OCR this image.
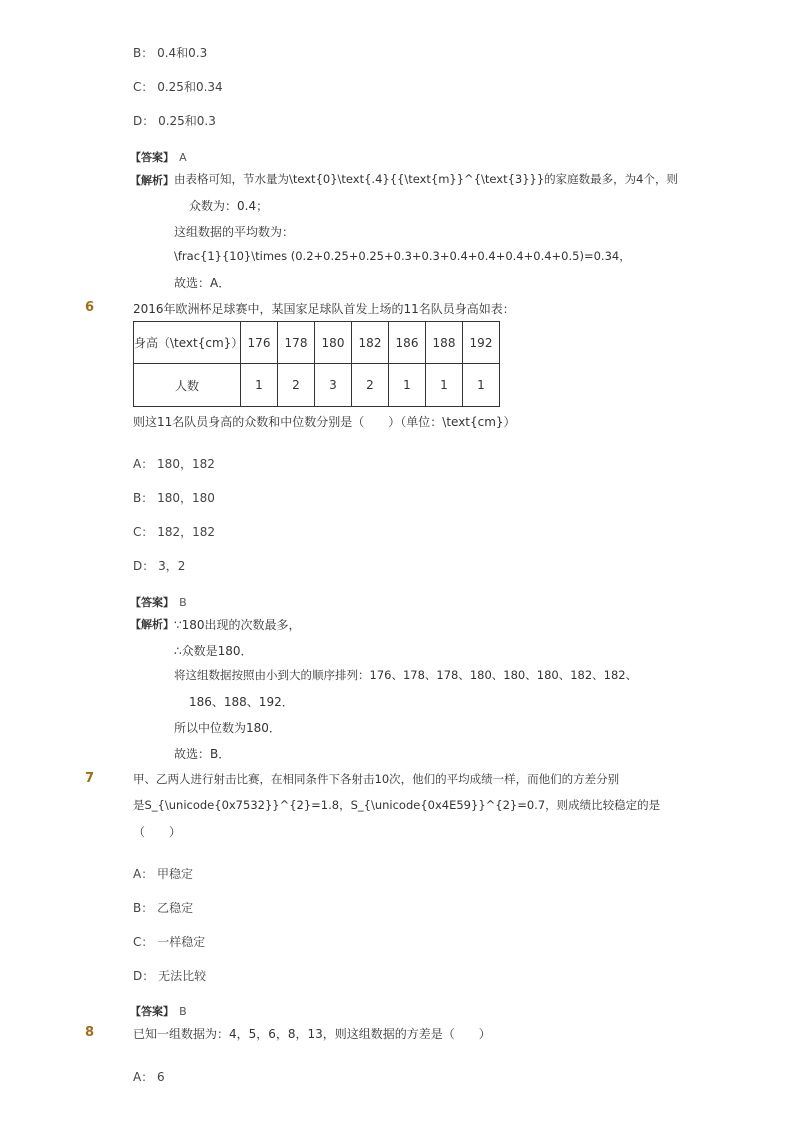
B： 0.4和0.3
C： 0.25和0.34
D： 0.25和0.3
【答案】 A
【解析】 由表格可知，节水量为\text{0}\text{.4}{{\text{m}}^{\text{3}}}的家庭数最多，为4个，则
众数为：0.4；
这组数据的平均数为：
\frac{1}{10}\times (0.2+0.25+0.25+0.3+0.3+0.4+0.4+0.4+0.4+0.5)=0.34，
故选：A．
6	2016年欧洲杯足球赛中，某国家足球队首发上场的11名队员身高如表：
身高（\text{cm}）	176	178	180	182	186	188	192
人数	1	2	3	2	1	1	1
则这11名队员身高的众数和中位数分别是（　　）（单位：\text{cm}）
A： 180，182
B： 180，180
C： 182，182
D： 3，2
【答案】 B
【解析】 ∵180出现的次数最多，
∴众数是180．
将这组数据按照由小到大的顺序排列：176、178、178、180、180、180、182、182、
186、188、192．
所以中位数为180．
故选：B．
7	甲、乙两人进行射击比赛，在相同条件下各射击10次，他们的平均成绩一样，而他们的方差分别
是S_{\unicode{0x7532}}^{2}=1.8，S_{\unicode{0x4E59}}^{2}=0.7，则成绩比较稳定的是
（　　）
A： 甲稳定
B： 乙稳定
C： 一样稳定
D： 无法比较
【答案】 B
8	已知一组数据为：4，5，6，8，13，则这组数据的方差是（　　）
A： 6
